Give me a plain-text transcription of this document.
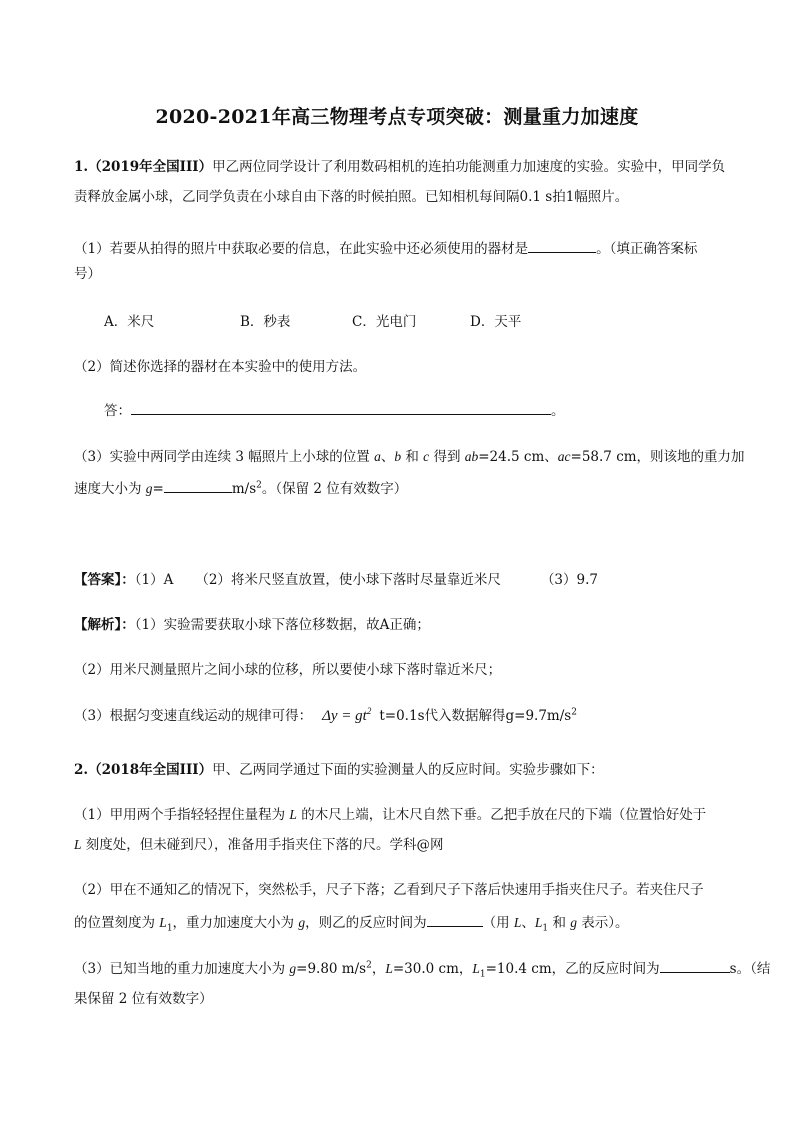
2020-2021年高三物理考点专项突破：测量重力加速度
1.（2019年全国III）甲乙两位同学设计了利用数码相机的连拍功能测重力加速度的实验。实验中，甲同学负
责释放金属小球，乙同学负责在小球自由下落的时候拍照。已知相机每间隔0.1 s拍1幅照片。
（1）若要从拍得的照片中获取必要的信息，在此实验中还必须使用的器材是	。（填正确答案标
号）
A．米尺	B．秒表	C．光电门	D．天平
（2）简述你选择的器材在本实验中的使用方法。
答：	。
（3）实验中两同学由连续 3 幅照片上小球的位置 a、b 和 c 得到 ab=24.5 cm、ac=58.7 cm，则该地的重力加
速度大小为 g=	$m/s^2$。（保留 2 位有效数字）
【答案】：（1）A （2）将米尺竖直放置，使小球下落时尽量靠近米尺	（3）9.7
【解析】：（1）实验需要获取小球下落位移数据，故A正确；
（2）用米尺测量照片之间小球的位移，所以要使小球下落时靠近米尺；
（3）根据匀变速直线运动的规律可得： $\Delta y = gt^2$ t=0.1s代入数据解得$g=9.7m/s^2$
2.（2018年全国III）甲、乙两同学通过下面的实验测量人的反应时间。实验步骤如下：
（1）甲用两个手指轻轻捏住量程为 L 的木尺上端，让木尺自然下垂。乙把手放在尺的下端（位置恰好处于
L 刻度处，但未碰到尺），准备用手指夹住下落的尺。学科@网
（2）甲在不通知乙的情况下，突然松手，尺子下落；乙看到尺子下落后快速用手指夹住尺子。若夹住尺子
的位置刻度为 $L_1$，重力加速度大小为 g，则乙的反应时间为	（用 L、$L_1$ 和 g 表示）。
（3）已知当地的重力加速度大小为 g=9.80 $m/s^2$，L=30.0 cm，$L_1=10.4$ cm，乙的反应时间为	s。（结
果保留 2 位有效数字）
